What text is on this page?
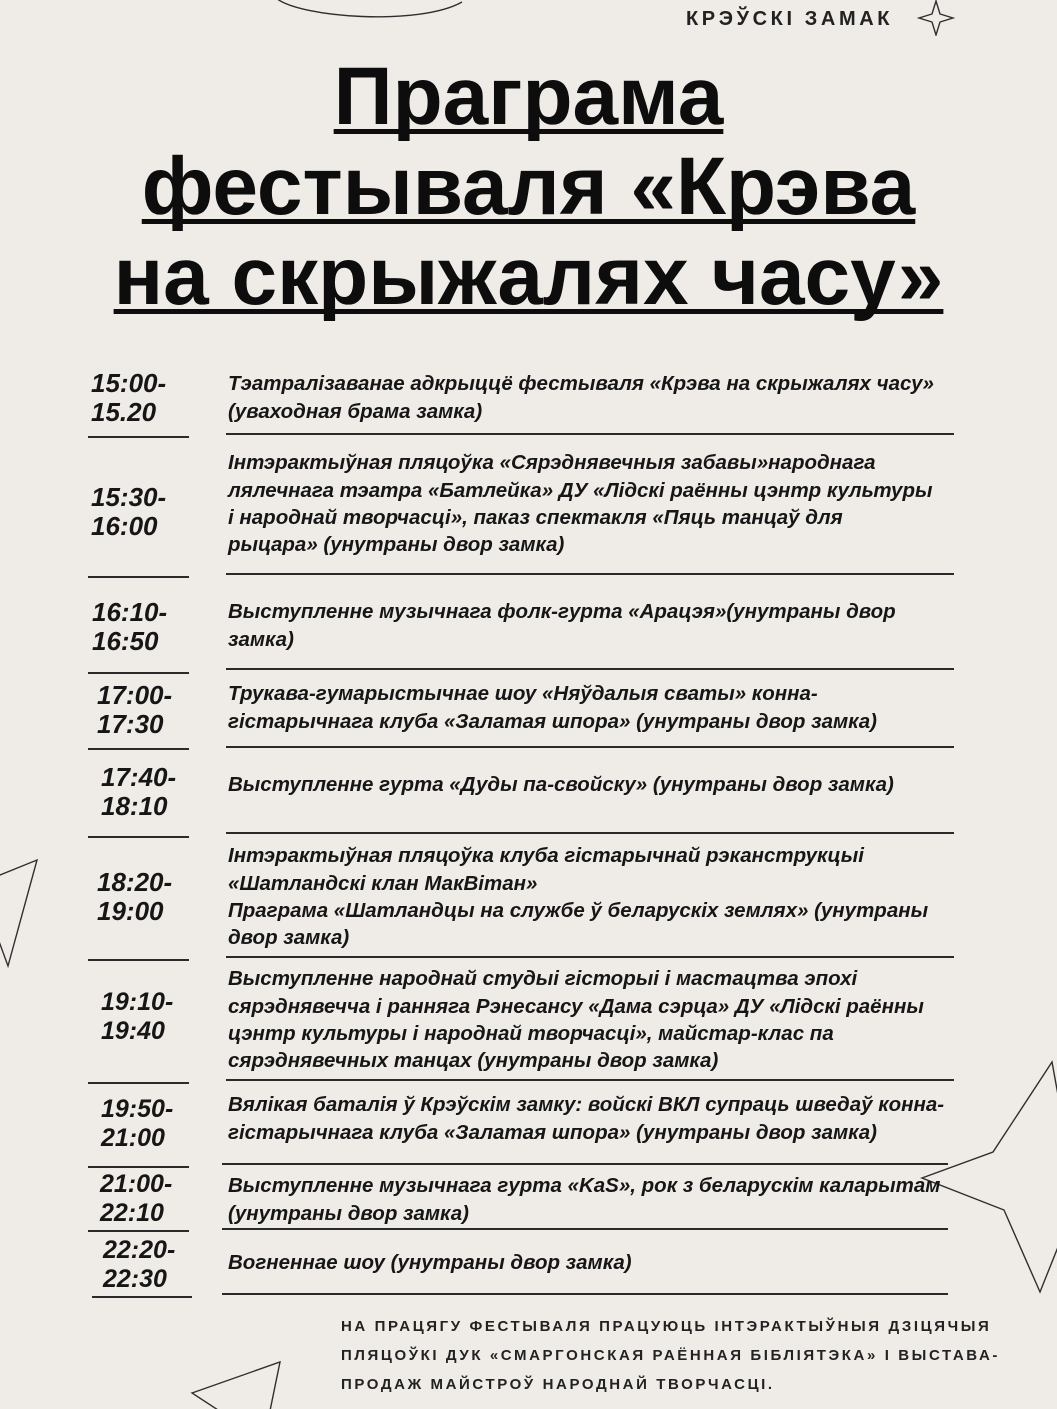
КРЭЎСКІ ЗАМАК
Праграма
фестываля «Крэва
на скрыжалях часу»
15:00-
15.20
Тэатралізаванае адкрыццё фестываля «Крэва на скрыжалях часу»
(уваходная брама замка)
15:30-
16:00
Інтэрактыўная пляцоўка «Сярэднявечныя забавы»народнага
лялечнага тэатра «Батлейка» ДУ «Лідскі раённы цэнтр культуры
і народнай творчасці», паказ спектакля «Пяць танцаў для
рыцара» (унутраны двор замка)
16:10-
16:50
Выступленне музычнага фолк-гурта «Арацэя»(унутраны двор
замка)
17:00-
17:30
Трукава-гумарыстычнае шоу «Няўдалыя сваты» конна-
гістарычнага клуба «Залатая шпора» (унутраны двор замка)
17:40-
18:10
Выступленне гурта «Дуды па-свойску» (унутраны двор замка)
18:20-
19:00
Інтэрактыўная пляцоўка клуба гістарычнай рэканструкцыі
«Шатландскі клан МакВітан»
Праграма «Шатландцы на службе ў беларускіх землях» (унутраны
двор замка)
19:10-
19:40
Выступленне народнай студыі гісторыі і мастацтва эпохі
сярэднявечча і ранняга Рэнесансу «Дама сэрца» ДУ «Лідскі раённы
цэнтр культуры і народнай творчасці», майстар-клас па
сярэднявечных танцах (унутраны двор замка)
19:50-
21:00
Вялікая баталія ў Крэўскім замку: войскі ВКЛ супраць шведаў конна-
гістарычнага клуба «Залатая шпора» (унутраны двор замка)
21:00-
22:10
Выступленне музычнага гурта «KaS», рок з беларускім каларытам
(унутраны двор замка)
22:20-
22:30
Вогненнае шоу (унутраны двор замка)
НА ПРАЦЯГУ ФЕСТЫВАЛЯ ПРАЦУЮЦЬ ІНТЭРАКТЫЎНЫЯ ДЗІЦЯЧЫЯ
ПЛЯЦОЎКІ ДУК «СМАРГОНСКАЯ РАЁННАЯ БІБЛІЯТЭКА» І ВЫСТАВА-
ПРОДАЖ МАЙСТРОЎ НАРОДНАЙ ТВОРЧАСЦІ.
